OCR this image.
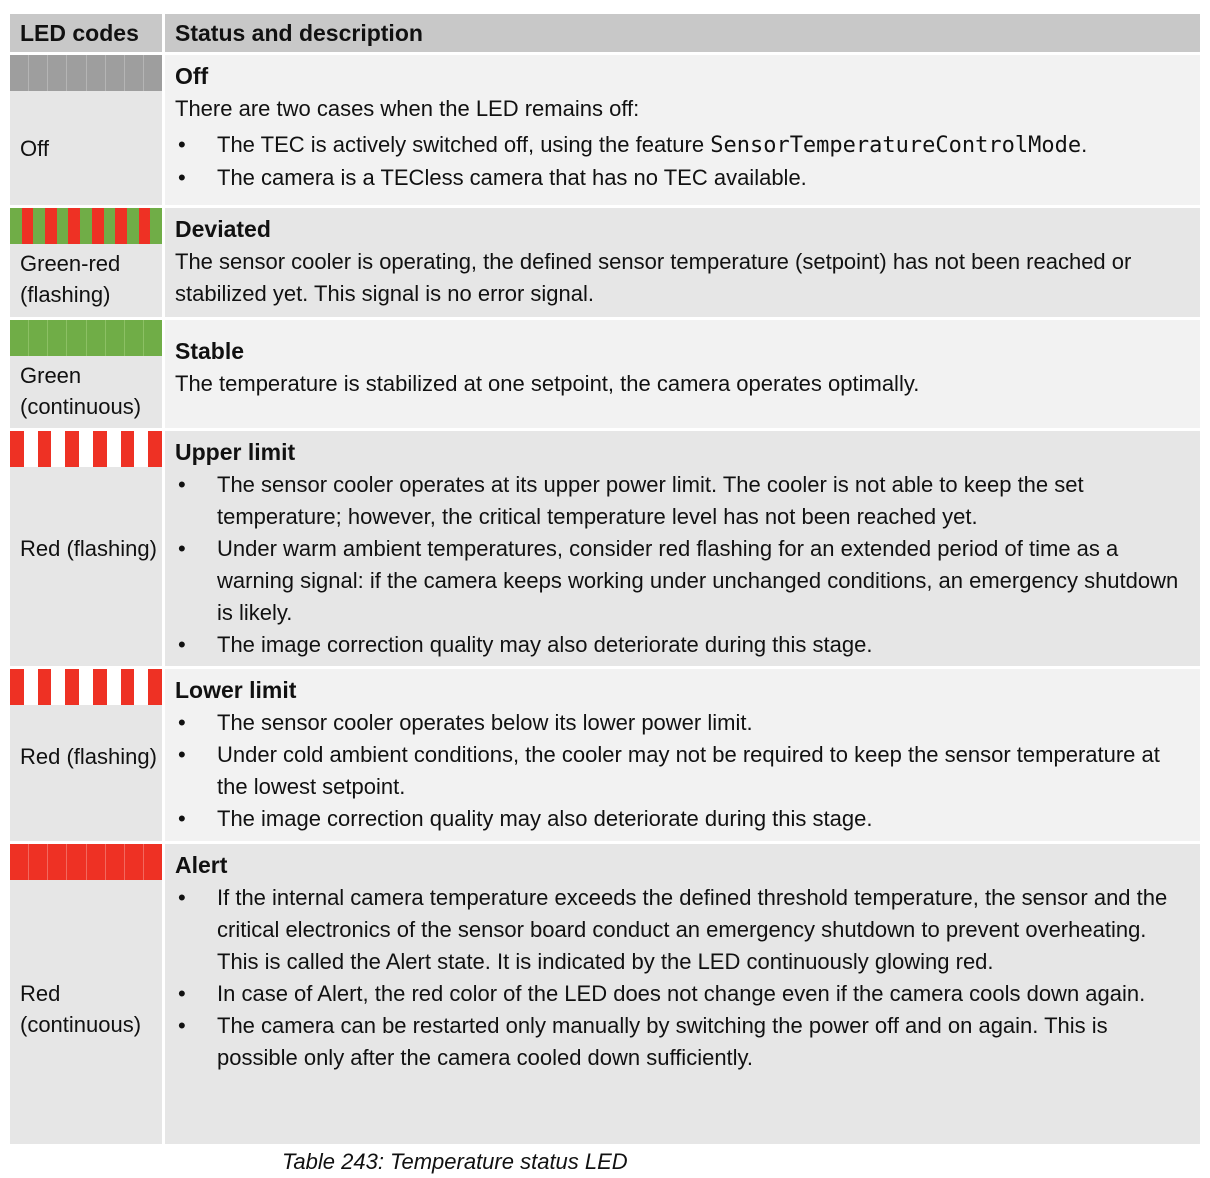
LED codes	Status and description
Off
Off
There are two cases when the LED remains off:
• The TEC is actively switched off, using the feature SensorTemperatureControlMode.
• The camera is a TECless camera that has no TEC available.
Green-red (flashing)
Deviated
The sensor cooler is operating, the defined sensor temperature (setpoint) has not been reached or stabilized yet. This signal is no error signal.
Green (continuous)
Stable
The temperature is stabilized at one setpoint, the camera operates optimally.
Red (flashing)
Upper limit
• The sensor cooler operates at its upper power limit. The cooler is not able to keep the set temperature; however, the critical temperature level has not been reached yet.
• Under warm ambient temperatures, consider red flashing for an extended period of time as a warning signal: if the camera keeps working under unchanged conditions, an emergency shutdown is likely.
• The image correction quality may also deteriorate during this stage.
Red (flashing)
Lower limit
• The sensor cooler operates below its lower power limit.
• Under cold ambient conditions, the cooler may not be required to keep the sensor temperature at the lowest setpoint.
• The image correction quality may also deteriorate during this stage.
Red (continuous)
Alert
• If the internal camera temperature exceeds the defined threshold temperature, the sensor and the critical electronics of the sensor board conduct an emergency shutdown to prevent overheating. This is called the Alert state. It is indicated by the LED continuously glowing red.
• In case of Alert, the red color of the LED does not change even if the camera cools down again.
• The camera can be restarted only manually by switching the power off and on again. This is possible only after the camera cooled down sufficiently.
Table 243: Temperature status LED
